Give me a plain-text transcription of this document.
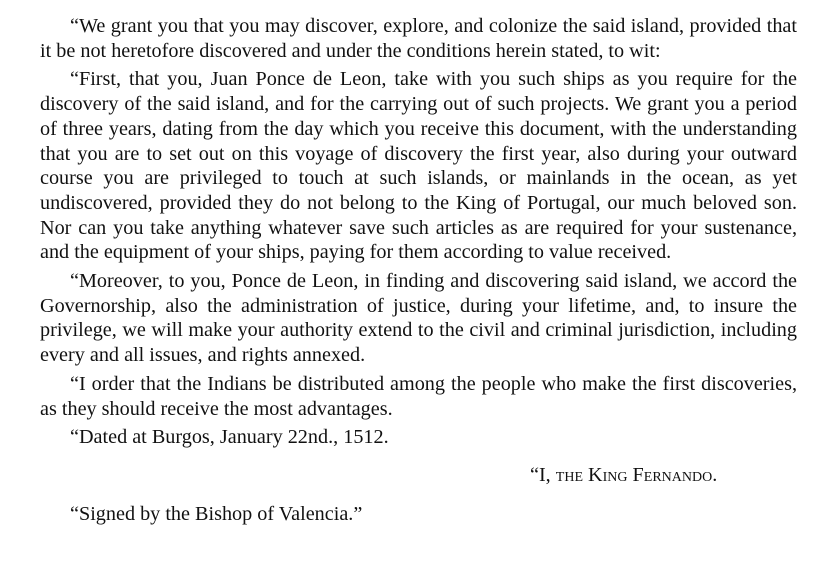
“We grant you that you may discover, explore, and colonize the said island, provided that it be not heretofore discovered and under the conditions herein stated, to wit:

“First, that you, Juan Ponce de Leon, take with you such ships as you require for the discovery of the said island, and for the carrying out of such projects. We grant you a period of three years, dating from the day which you receive this document, with the understanding that you are to set out on this voyage of discovery the first year, also during your outward course you are privileged to touch at such islands, or mainlands in the ocean, as yet undiscovered, provided they do not belong to the King of Portugal, our much beloved son. Nor can you take anything whatever save such articles as are required for your sustenance, and the equipment of your ships, paying for them according to value received.

“Moreover, to you, Ponce de Leon, in finding and discovering said island, we accord the Governorship, also the administration of justice, during your lifetime, and, to insure the privilege, we will make your authority extend to the civil and criminal jurisdiction, including every and all issues, and rights annexed.

“I order that the Indians be distributed among the people who make the first discoveries, as they should receive the most advantages.

“Dated at Burgos, January 22nd., 1512.

“I, the King Fernando.

“Signed by the Bishop of Valencia.”
